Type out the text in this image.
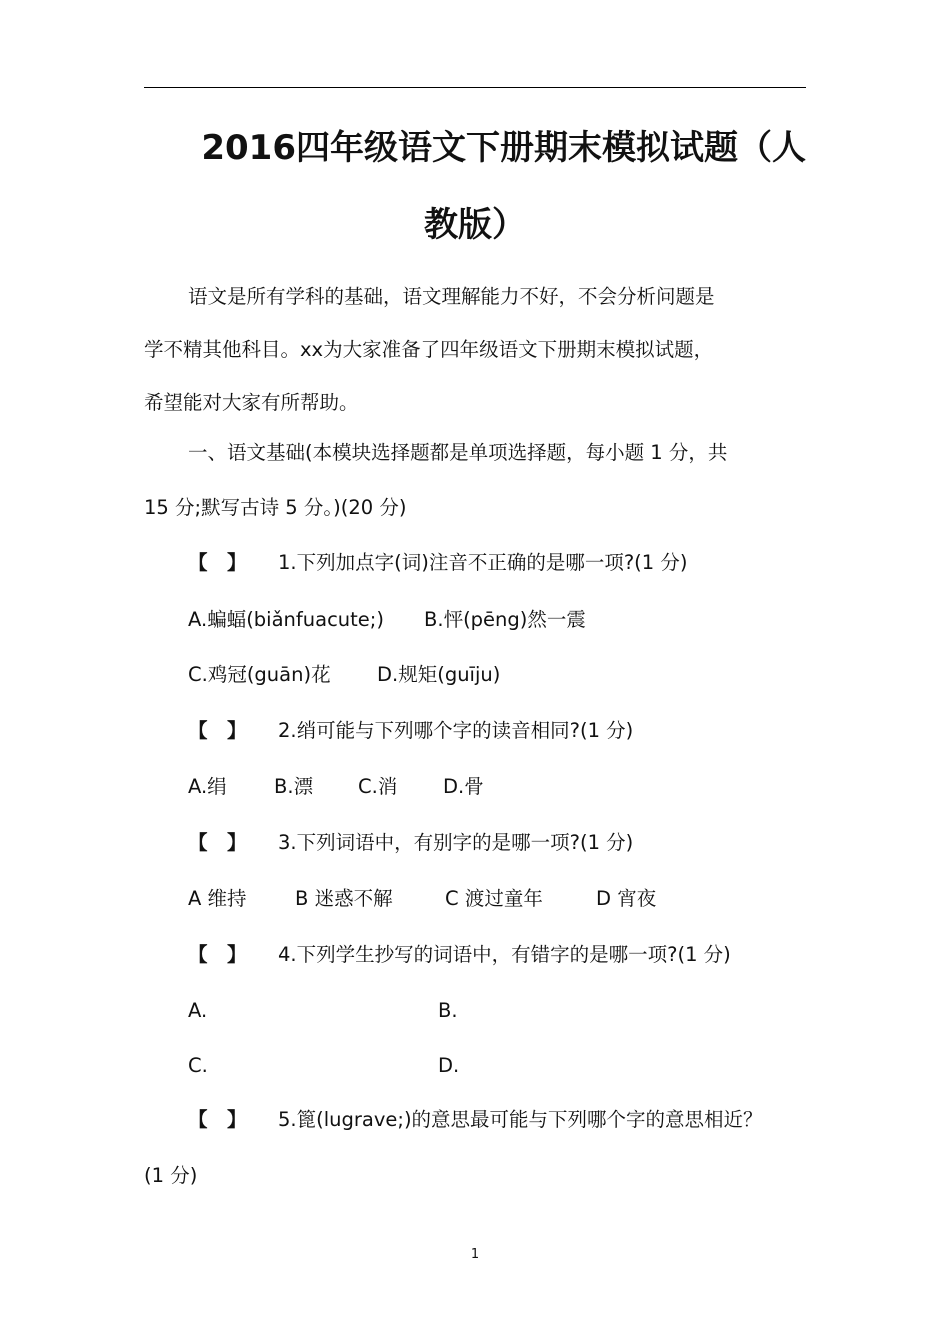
2016四年级语文下册期末模拟试题（人
教版）
语文是所有学科的基础，语文理解能力不好，不会分析问题是
学不精其他科目。xx为大家准备了四年级语文下册期末模拟试题，
希望能对大家有所帮助。
一、语文基础(本模块选择题都是单项选择题，每小题 1 分，共
15 分;默写古诗 5 分。)(20 分)
【　】 1.下列加点字(词)注音不正确的是哪一项?(1 分)
A.蝙蝠(biǎnfuacute;) B.怦(pēng)然一震
C.鸡冠(guān)花 D.规矩(guīju)
【　】 2.绡可能与下列哪个字的读音相同?(1 分)
A.绢 B.漂 C.消 D.骨
【　】 3.下列词语中，有别字的是哪一项?(1 分)
A 维持 B 迷惑不解	C 渡过童年	D 宵夜
【　】 4.下列学生抄写的词语中，有错字的是哪一项?(1 分)
A.	B.
C.	D.
【　】 5.篦(lugrave;)的意思最可能与下列哪个字的意思相近？
(1 分)
1
